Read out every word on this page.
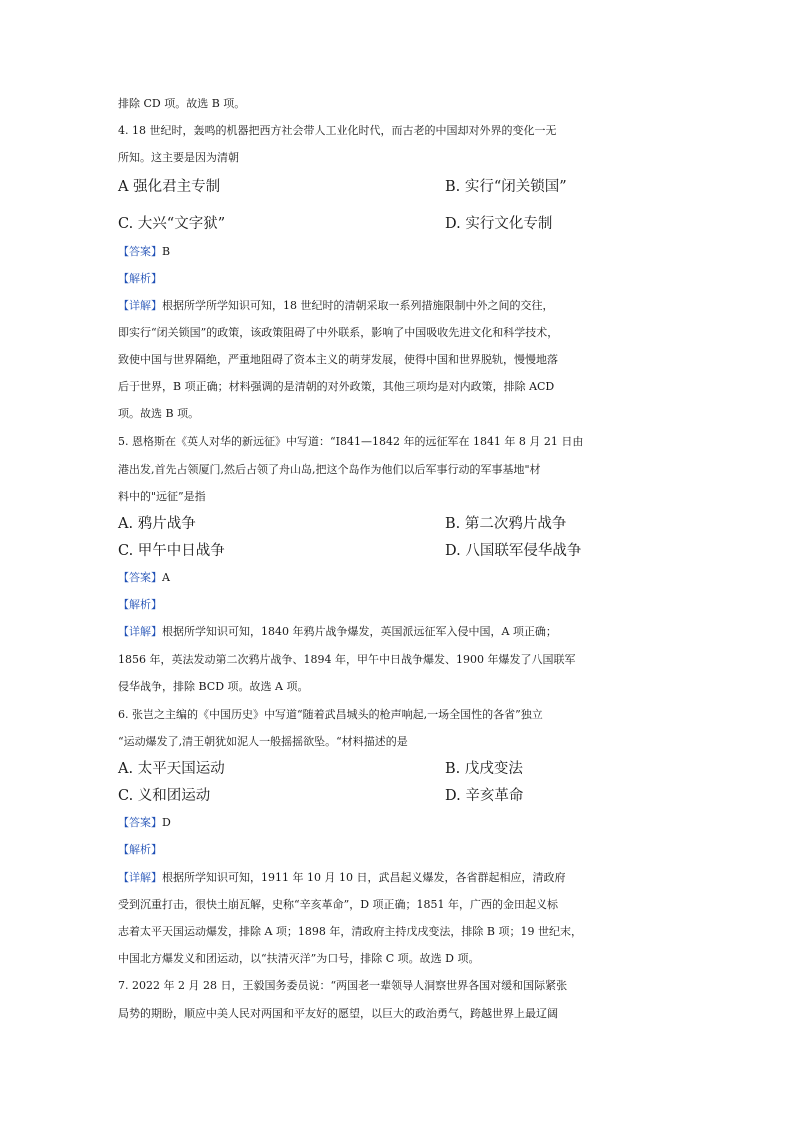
排除 CD 项。故选 B 项。
4. 18 世纪时，轰鸣的机器把西方社会带人工业化时代，而古老的中国却对外界的变化一无
所知。这主要是因为清朝
A 强化君主专制	B. 实行“闭关锁国”
C. 大兴“文字狱”	D. 实行文化专制
【答案】B
【解析】
【详解】根据所学所学知识可知，18 世纪时的清朝采取一系列措施限制中外之间的交往，
即实行“闭关锁国”的政策，该政策阻碍了中外联系，影响了中国吸收先进文化和科学技术，
致使中国与世界隔绝，严重地阻碍了资本主义的萌芽发展，使得中国和世界脱轨，慢慢地落
后于世界，B 项正确；材料强调的是清朝的对外政策，其他三项均是对内政策，排除 ACD
项。故选 B 项。
5. 恩格斯在《英人对华的新远征》中写道：“I841—1842 年的远征军在 1841 年 8 月 21 日由
港出发,首先占领厦门,然后占领了舟山岛,把这个岛作为他们以后军事行动的军事基地"材
料中的"远征”是指
A. 鸦片战争	B. 第二次鸦片战争
C. 甲午中日战争	D. 八国联军侵华战争
【答案】A
【解析】
【详解】根据所学知识可知，1840 年鸦片战争爆发，英国派远征军入侵中国，A 项正确；
1856 年，英法发动第二次鸦片战争、1894 年，甲午中日战争爆发、1900 年爆发了八国联军
侵华战争，排除 BCD 项。故选 A 项。
6. 张岂之主编的《中国历史》中写道“随着武昌城头的枪声响起,一场全国性的各省”独立
“运动爆发了,清王朝犹如泥人一般摇摇欲坠。“材料描述的是
A. 太平天国运动	B. 戊戌变法
C. 义和团运动	D. 辛亥革命
【答案】D
【解析】
【详解】根据所学知识可知，1911 年 10 月 10 日，武昌起义爆发，各省群起相应，清政府
受到沉重打击，很快土崩瓦解，史称“辛亥革命”，D 项正确；1851 年，广西的金田起义标
志着太平天国运动爆发，排除 A 项；1898 年，清政府主持戊戌变法，排除 B 项；19 世纪末，
中国北方爆发义和团运动，以“扶清灭洋”为口号，排除 C 项。故选 D 项。
7. 2022 年 2 月 28 日，王毅国务委员说：“两国老一辈领导人洞察世界各国对缓和国际紧张
局势的期盼，顺应中美人民对两国和平友好的愿望，以巨大的政治勇气，跨越世界上最辽阔
